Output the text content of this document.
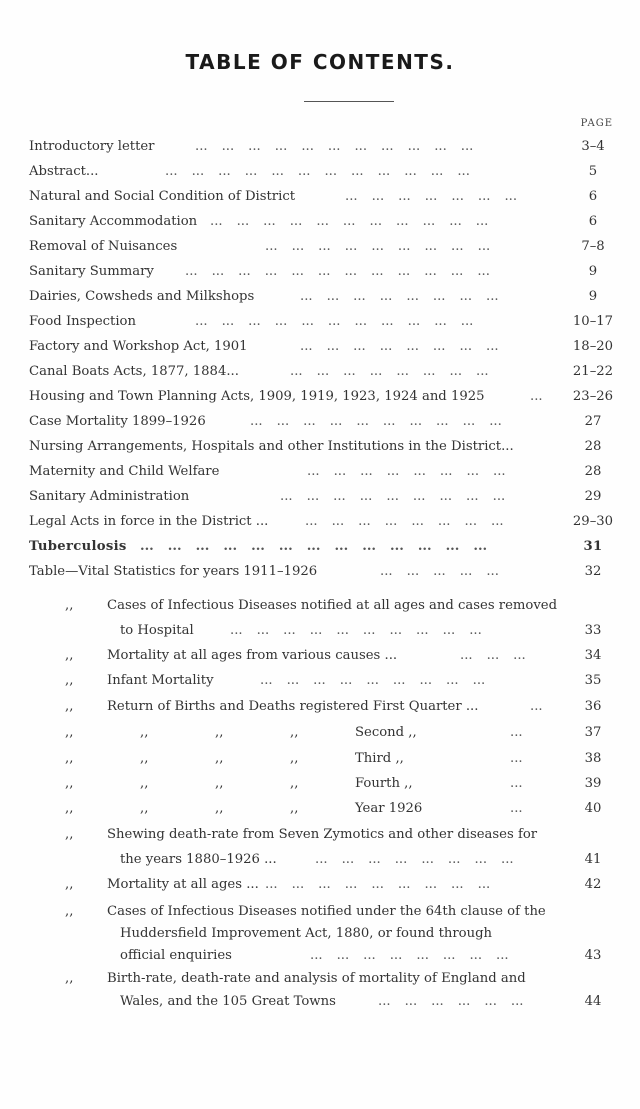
TABLE OF CONTENTS.
PAGE
Introductory letter	... ... ... ... ... ... ... ... ... ... ...	3–4
Abstract...	... ... ... ... ... ... ... ... ... ... ... ...	5
Natural and Social Condition of District	... ... ... ... ... ... ...	6
Sanitary Accommodation ... ... ... ... ... ... ... ... ... ... ...	6
Removal of Nuisances	... ... ... ... ... ... ... ... ...	7–8
Sanitary Summary ... ... ... ... ... ... ... ... ... ... ... ...	9
Dairies, Cowsheds and Milkshops	... ... ... ... ... ... ... ...	9
Food Inspection	... ... ... ... ... ... ... ... ... ... ...	10–17
Factory and Workshop Act, 1901	... ... ... ... ... ... ... ...	18–20
Canal Boats Acts, 1877, 1884...	... ... ... ... ... ... ... ...	21–22
Housing and Town Planning Acts, 1909, 1919, 1923, 1924 and 1925	...	23–26
Case Mortality 1899–1926	... ... ... ... ... ... ... ... ... ...	27
Nursing Arrangements, Hospitals and other Institutions in the District...	28
Maternity and Child Welfare	... ... ... ... ... ... ... ...	28
Sanitary Administration	... ... ... ... ... ... ... ... ...	29
Legal Acts in force in the District ...	... ... ... ... ... ... ... ...	29–30
Tuberculosis ... ... ... ... ... ... ... ... ... ... ... ... ...	31
Table—Vital Statistics for years 1911–1926	... ... ... ... ...	32
,,	Cases of Infectious Diseases notified at all ages and cases removed
to Hospital	... ... ... ... ... ... ... ... ... ...	33
,,	Mortality at all ages from various causes ...	... ... ...	34
,,	Infant Mortality	... ... ... ... ... ... ... ... ...	35
,,	Return of Births and Deaths registered First Quarter ...	...	36
,,	,,	,,	,,	Second ,,	...	37
,,	,,	,,	,,	Third ,,	...	38
,,	,,	,,	,,	Fourth ,,	...	39
,,	,,	,,	,,	Year 1926	...	40
,,	Shewing death-rate from Seven Zymotics and other diseases for
the years 1880–1926 ...	... ... ... ... ... ... ... ...	41
,,	Mortality at all ages ... ... ... ... ... ... ... ... ... ...	42
,,	Cases of Infectious Diseases notified under the 64th clause of the
Huddersfield Improvement Act, 1880, or found through
official enquiries	... ... ... ... ... ... ... ...	43
,,	Birth-rate, death-rate and analysis of mortality of England and
Wales, and the 105 Great Towns	... ... ... ... ... ...	44
